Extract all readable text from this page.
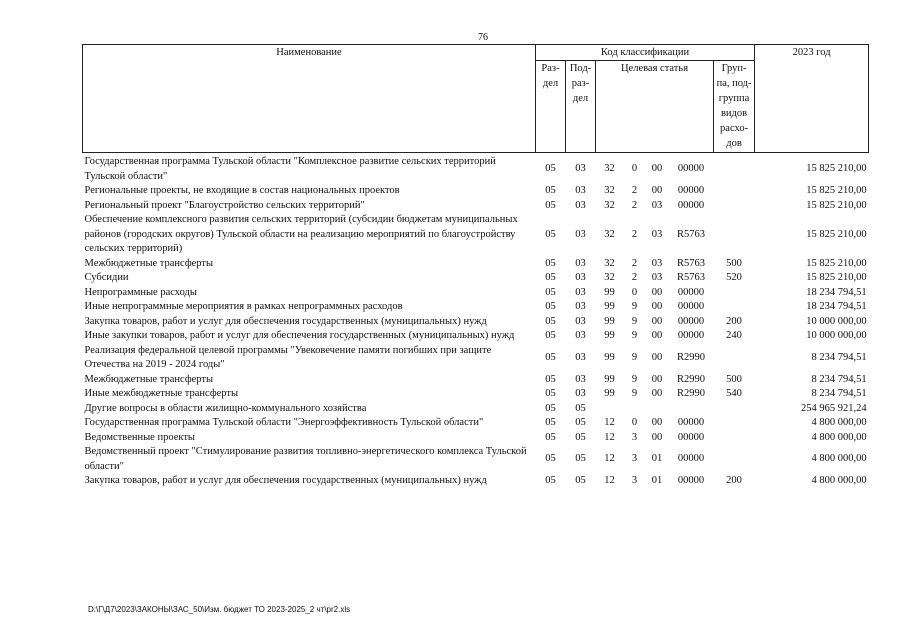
76
Наименование	Код классификации							2023 год

	Раз-дел	Под-раз-дел	Целевая статья				Груп-па, под-группа видов расхо-дов	

Государственная программа Тульской области "Комплексное развитие сельских территорий Тульской области"	05	03	32	0	00	00000		15 825 210,00
Региональные проекты, не входящие в состав национальных проектов	05	03	32	2	00	00000		15 825 210,00
Региональный проект "Благоустройство сельских территорий"	05	03	32	2	03	00000		15 825 210,00
Обеспечение комплексного развития сельских территорий (субсидии бюджетам муниципальных районов (городских округов) Тульской области на реализацию мероприятий по благоустройству сельских территорий)	05	03	32	2	03	R5763		15 825 210,00
Межбюджетные трансферты	05	03	32	2	03	R5763	500	15 825 210,00
Субсидии	05	03	32	2	03	R5763	520	15 825 210,00
Непрограммные расходы	05	03	99	0	00	00000		18 234 794,51
Иные непрограммные мероприятия в рамках непрограммных расходов	05	03	99	9	00	00000		18 234 794,51
Закупка товаров, работ и услуг для обеспечения государственных (муниципальных) нужд	05	03	99	9	00	00000	200	10 000 000,00
Иные закупки товаров, работ и услуг для обеспечения государственных (муниципальных) нужд	05	03	99	9	00	00000	240	10 000 000,00
Реализация федеральной целевой программы "Увековечение памяти погибших при защите Отечества на 2019 - 2024 годы"	05	03	99	9	00	R2990		8 234 794,51
Межбюджетные трансферты	05	03	99	9	00	R2990	500	8 234 794,51
Иные межбюджетные трансферты	05	03	99	9	00	R2990	540	8 234 794,51
Другие вопросы в области жилищно-коммунального хозяйства	05	05						254 965 921,24
Государственная программа Тульской области "Энергоэффективность Тульской области"	05	05	12	0	00	00000		4 800 000,00
Ведомственные проекты	05	05	12	3	00	00000		4 800 000,00
Ведомственный проект "Стимулирование развития топливно-энергетического комплекса Тульской области"	05	05	12	3	01	00000		4 800 000,00
Закупка товаров, работ и услуг для обеспечения государственных (муниципальных) нужд	05	05	12	3	01	00000	200	4 800 000,00
D:\Г\Д7\2023\ЗАКОНЫ\ЗАС_50\Изм. бюджет ТО 2023-2025_2 чт\pr2.xls
